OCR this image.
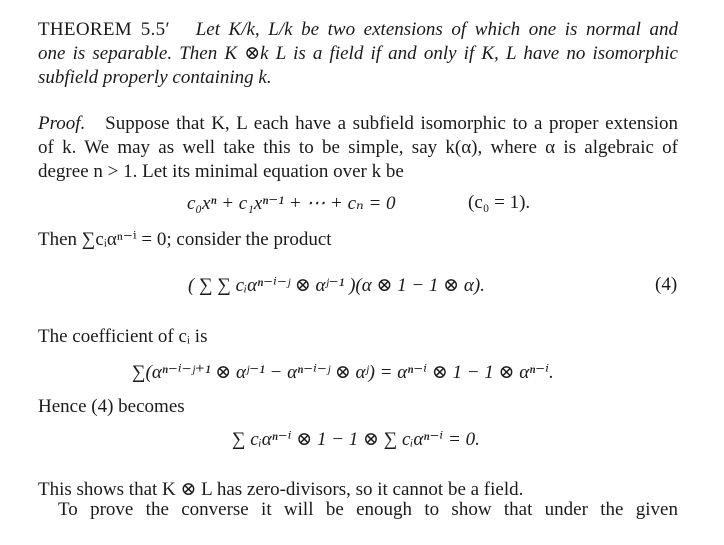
THEOREM 5.5′ Let K/k, L/k be two extensions of which one is normal and
one is separable. Then K ⊗k L is a field if and only if K, L have no isomorphic
subfield properly containing k.
Proof. Suppose that K, L each have a subfield isomorphic to a proper extension
of k. We may as well take this to be simple, say k(α), where α is algebraic of
degree n > 1. Let its minimal equation over k be
c₀xⁿ + c₁xⁿ⁻¹ + ⋯ + cₙ = 0	(c₀ = 1).
Then ∑cᵢαⁿ⁻ⁱ = 0; consider the product
( ∑ ∑ cᵢαⁿ⁻ⁱ⁻ʲ ⊗ αʲ⁻¹ )(α ⊗ 1 − 1 ⊗ α).	(4)
The coefficient of cᵢ is
∑(αⁿ⁻ⁱ⁻ʲ⁺¹ ⊗ αʲ⁻¹ − αⁿ⁻ⁱ⁻ʲ ⊗ αʲ) = αⁿ⁻ⁱ ⊗ 1 − 1 ⊗ αⁿ⁻ⁱ.
Hence (4) becomes
∑ cᵢαⁿ⁻ⁱ ⊗ 1 − 1 ⊗ ∑ cᵢαⁿ⁻ⁱ = 0.
This shows that K ⊗ L has zero-divisors, so it cannot be a field.
To prove the converse it will be enough to show that under the given
